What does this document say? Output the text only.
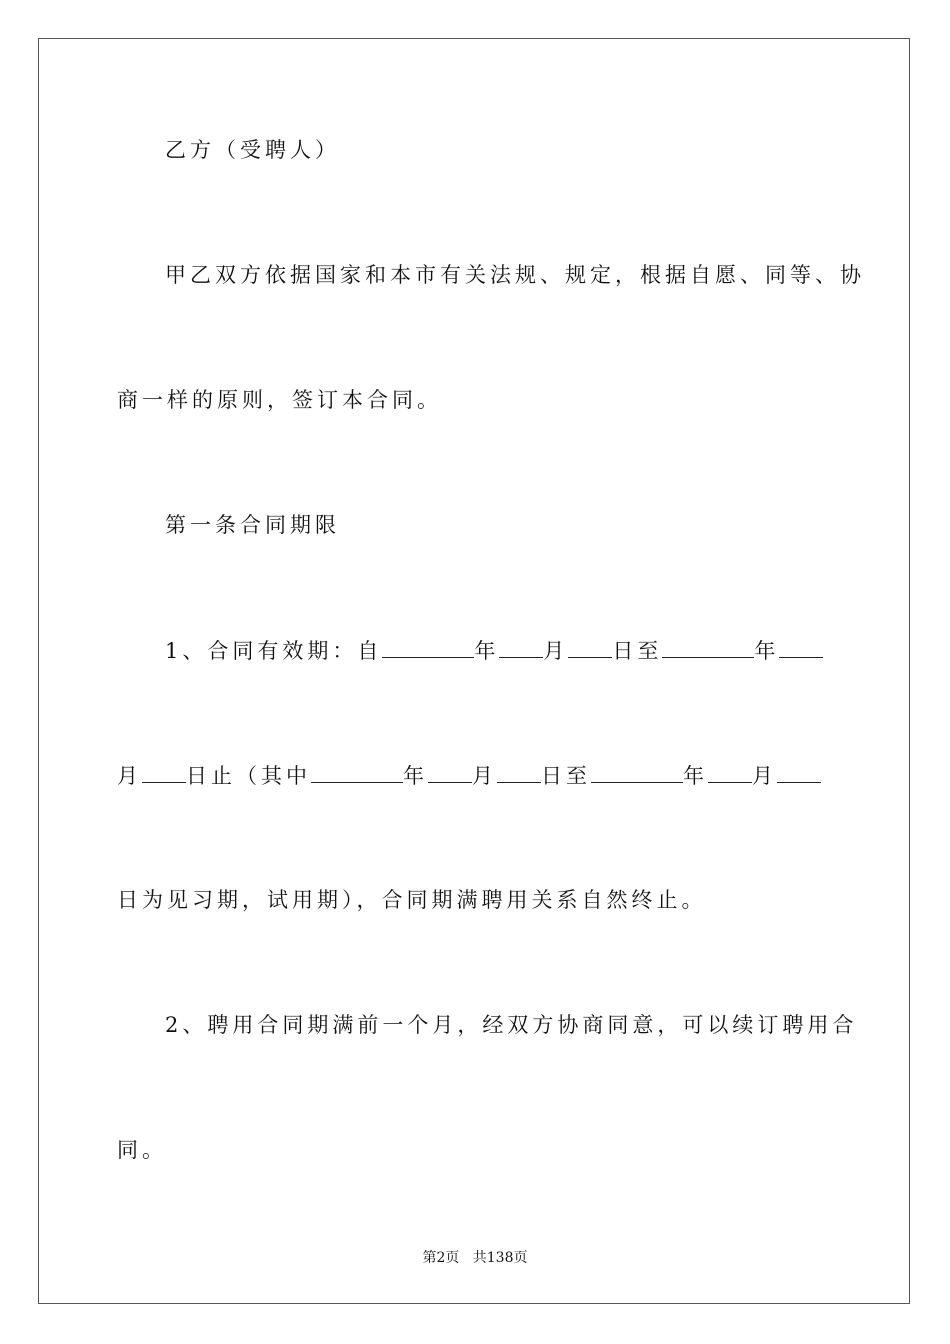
乙方（受聘人）
甲乙双方依据国家和本市有关法规、规定，根据自愿、同等、协
商一样的原则，签订本合同。
第一条合同期限
1、合同有效期：自	年 月 日至	年
月 日止（其中	年 月 日至	年 月
日为见习期，试用期），合同期满聘用关系自然终止。
2、聘用合同期满前一个月，经双方协商同意，可以续订聘用合
同。
第2页 共138页
